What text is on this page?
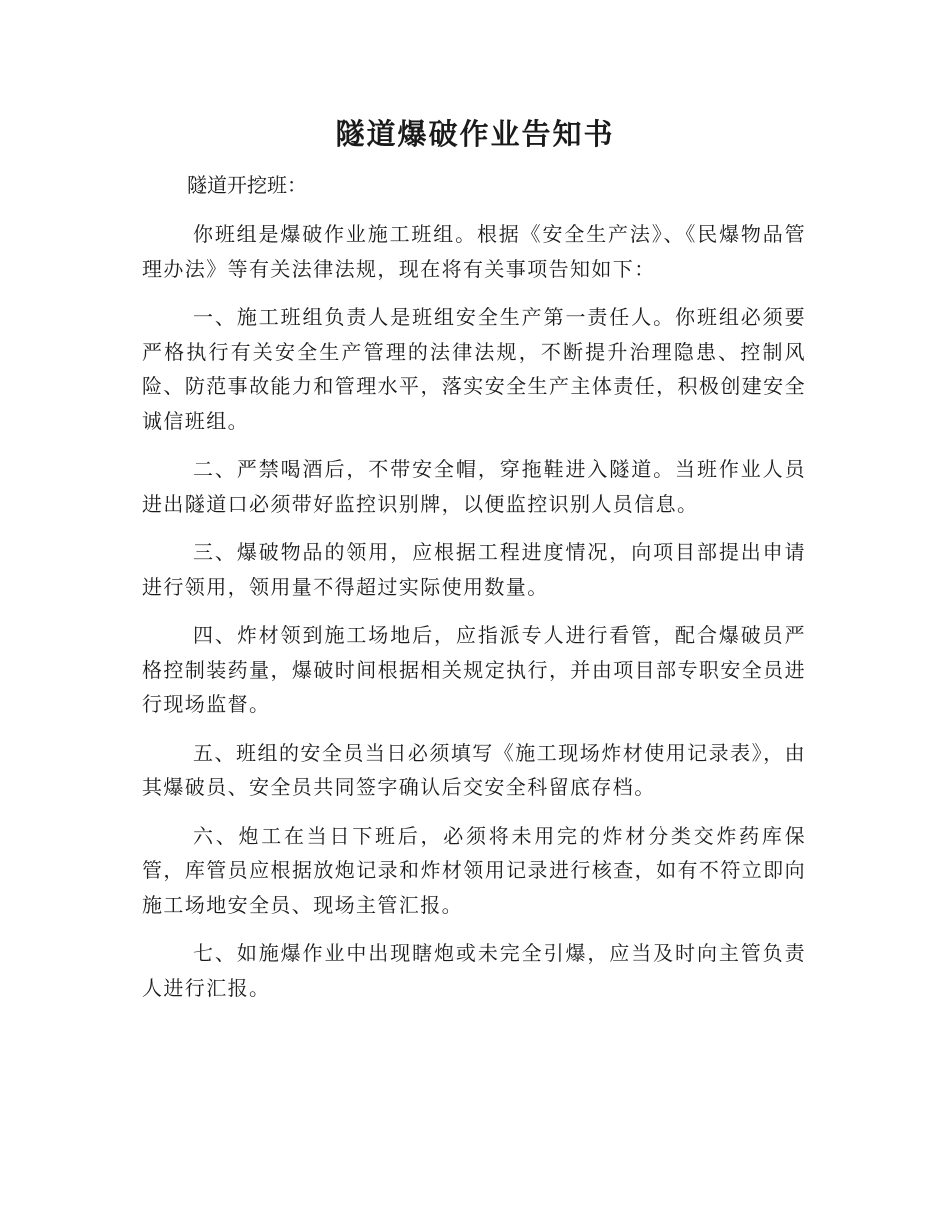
隧道爆破作业告知书
隧道开挖班：

你班组是爆破作业施工班组。根据《安全生产法》、《民爆物品管理办法》等有关法律法规，现在将有关事项告知如下：

一、施工班组负责人是班组安全生产第一责任人。你班组必须要严格执行有关安全生产管理的法律法规，不断提升治理隐患、控制风险、防范事故能力和管理水平，落实安全生产主体责任，积极创建安全诚信班组。

二、严禁喝酒后，不带安全帽，穿拖鞋进入隧道。当班作业人员进出隧道口必须带好监控识别牌，以便监控识别人员信息。

三、爆破物品的领用，应根据工程进度情况，向项目部提出申请进行领用，领用量不得超过实际使用数量。

四、炸材领到施工场地后，应指派专人进行看管，配合爆破员严格控制装药量，爆破时间根据相关规定执行，并由项目部专职安全员进行现场监督。

五、班组的安全员当日必须填写《施工现场炸材使用记录表》，由其爆破员、安全员共同签字确认后交安全科留底存档。

六、炮工在当日下班后，必须将未用完的炸材分类交炸药库保管，库管员应根据放炮记录和炸材领用记录进行核查，如有不符立即向施工场地安全员、现场主管汇报。

七、如施爆作业中出现瞎炮或未完全引爆，应当及时向主管负责人进行汇报。
